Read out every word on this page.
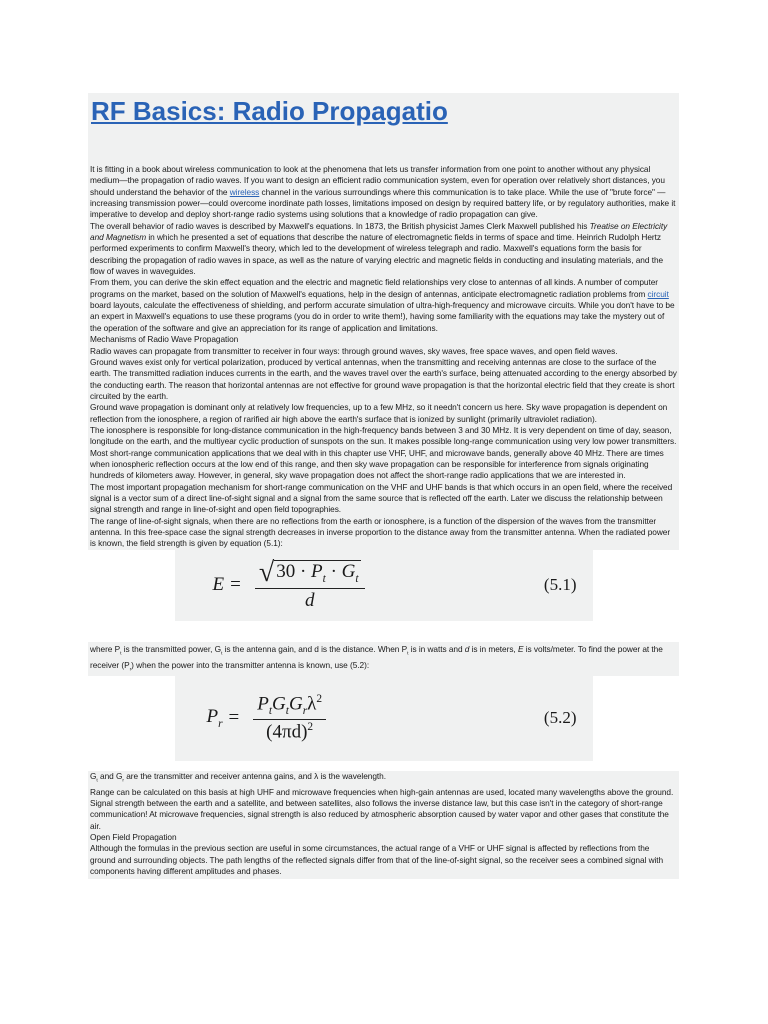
RF Basics: Radio Propagatio

It is fitting in a book about wireless communication to look at the phenomena that lets us transfer information from one point to another without any physical medium—the propagation of radio waves. If you want to design an efficient radio communication system, even for operation over relatively short distances, you should understand the behavior of the wireless channel in the various surroundings where this communication is to take place. While the use of "brute force" —increasing transmission power—could overcome inordinate path losses, limitations imposed on design by required battery life, or by regulatory authorities, make it imperative to develop and deploy short-range radio systems using solutions that a knowledge of radio propagation can give.

The overall behavior of radio waves is described by Maxwell's equations. In 1873, the British physicist James Clerk Maxwell published his Treatise on Electricity and Magnetism in which he presented a set of equations that describe the nature of electromagnetic fields in terms of space and time. Heinrich Rudolph Hertz performed experiments to confirm Maxwell's theory, which led to the development of wireless telegraph and radio. Maxwell's equations form the basis for describing the propagation of radio waves in space, as well as the nature of varying electric and magnetic fields in conducting and insulating materials, and the flow of waves in waveguides.

From them, you can derive the skin effect equation and the electric and magnetic field relationships very close to antennas of all kinds. A number of computer programs on the market, based on the solution of Maxwell's equations, help in the design of antennas, anticipate electromagnetic radiation problems from circuit board layouts, calculate the effectiveness of shielding, and perform accurate simulation of ultra-high-frequency and microwave circuits. While you don't have to be an expert in Maxwell's equations to use these programs (you do in order to write them!), having some familiarity with the equations may take the mystery out of the operation of the software and give an appreciation for its range of application and limitations.

Mechanisms of Radio Wave Propagation

Radio waves can propagate from transmitter to receiver in four ways: through ground waves, sky waves, free space waves, and open field waves.

Ground waves exist only for vertical polarization, produced by vertical antennas, when the transmitting and receiving antennas are close to the surface of the earth. The transmitted radiation induces currents in the earth, and the waves travel over the earth's surface, being attenuated according to the energy absorbed by the conducting earth. The reason that horizontal antennas are not effective for ground wave propagation is that the horizontal electric field that they create is short circuited by the earth.

Ground wave propagation is dominant only at relatively low frequencies, up to a few MHz, so it needn't concern us here. Sky wave propagation is dependent on reflection from the ionosphere, a region of rarified air high above the earth's surface that is ionized by sunlight (primarily ultraviolet radiation).

The ionosphere is responsible for long-distance communication in the high-frequency bands between 3 and 30 MHz. It is very dependent on time of day, season, longitude on the earth, and the multiyear cyclic production of sunspots on the sun. It makes possible long-range communication using very low power transmitters. Most short-range communication applications that we deal with in this chapter use VHF, UHF, and microwave bands, generally above 40 MHz. There are times when ionospheric reflection occurs at the low end of this range, and then sky wave propagation can be responsible for interference from signals originating hundreds of kilometers away. However, in general, sky wave propagation does not affect the short-range radio applications that we are interested in.

The most important propagation mechanism for short-range communication on the VHF and UHF bands is that which occurs in an open field, where the received signal is a vector sum of a direct line-of-sight signal and a signal from the same source that is reflected off the earth. Later we discuss the relationship between signal strength and range in line-of-sight and open field topographies.

The range of line-of-sight signals, when there are no reflections from the earth or ionosphere, is a function of the dispersion of the waves from the transmitter antenna. In this free-space case the signal strength decreases in inverse proportion to the distance away from the transmitter antenna. When the radiated power is known, the field strength is given by equation (5.1):

$E = \frac{√ 30 \cdot P_t \cdot G_t}{d}$	(5.1)

where $P_t$ is the transmitted power, $G_t$ is the antenna gain, and d is the distance. When $P_t$ is in watts and d is in meters, E is volts/meter. To find the power at the receiver $(P_r)$ when the power into the transmitter antenna is known, use (5.2):

$P_r = \frac{P_tG_tG_r\lambda^2}{(4\pi d)^2}$	(5.2)

$G_t$ and $G_r$ are the transmitter and receiver antenna gains, and λ is the wavelength.

Range can be calculated on this basis at high UHF and microwave frequencies when high-gain antennas are used, located many wavelengths above the ground. Signal strength between the earth and a satellite, and between satellites, also follows the inverse distance law, but this case isn't in the category of short-range communication! At microwave frequencies, signal strength is also reduced by atmospheric absorption caused by water vapor and other gases that constitute the air.

Open Field Propagation

Although the formulas in the previous section are useful in some circumstances, the actual range of a VHF or UHF signal is affected by reflections from the ground and surrounding objects. The path lengths of the reflected signals differ from that of the line-of-sight signal, so the receiver sees a combined signal with components having different amplitudes and phases.
